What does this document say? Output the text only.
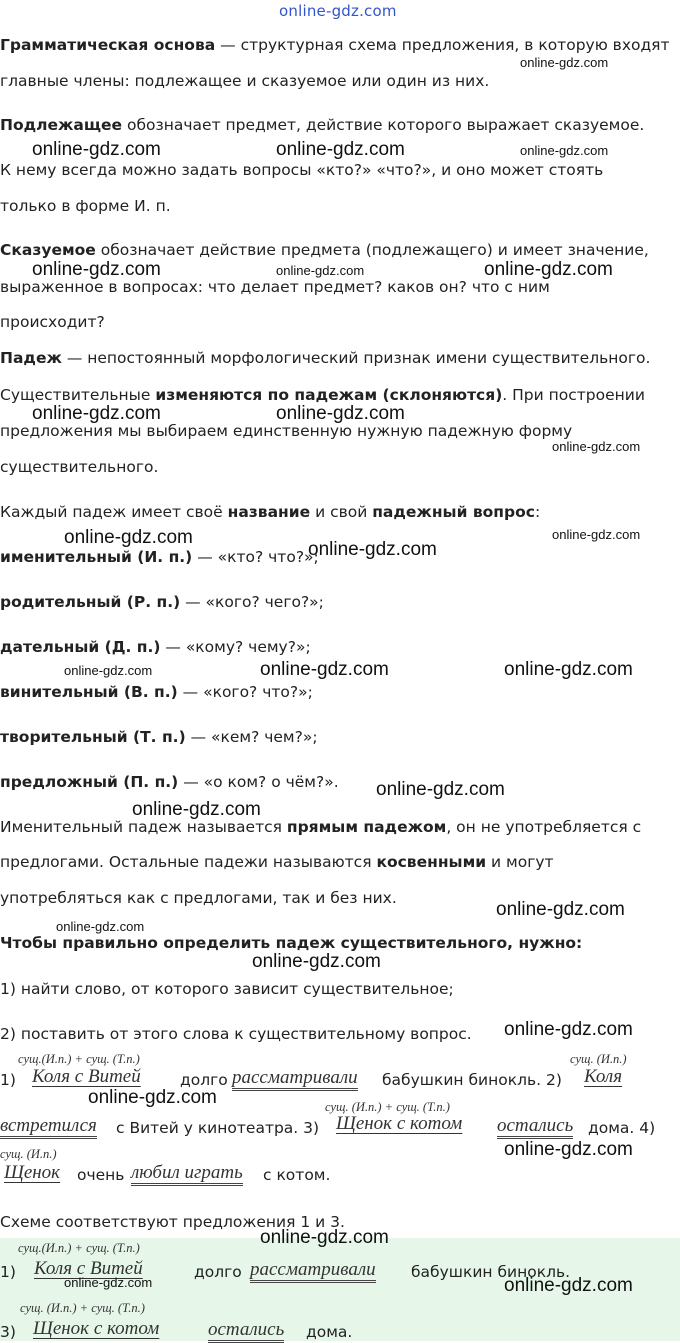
online-gdz.com
Грамматическая основа — структурная схема предложения, в которую входят
главные члены: подлежащее и сказуемое или один из них.
Подлежащее обозначает предмет, действие которого выражает сказуемое.
К нему всегда можно задать вопросы «кто?» «что?», и оно может стоять
только в форме И. п.
Сказуемое обозначает действие предмета (подлежащего) и имеет значение,
выраженное в вопросах: что делает предмет? каков он? что с ним
происходит?
Падеж — непостоянный морфологический признак имени существительного.
Существительные изменяются по падежам (склоняются). При построении
предложения мы выбираем единственную нужную падежную форму
существительного.
Каждый падеж имеет своё название и свой падежный вопрос:
именительный (И. п.) — «кто? что?»;
родительный (Р. п.) — «кого? чего?»;
дательный (Д. п.) — «кому? чему?»;
винительный (В. п.) — «кого? что?»;
творительный (Т. п.) — «кем? чем?»;
предложный (П. п.) — «о ком? о чём?».
Именительный падеж называется прямым падежом, он не употребляется с
предлогами. Остальные падежи называются косвенными и могут
употребляться как с предлогами, так и без них.
Чтобы правильно определить падеж существительного, нужно:
1) найти слово, от которого зависит существительное;
2) поставить от этого слова к существительному вопрос.
сущ.(И.п.) + сущ. (Т.п.)	сущ. (И.п.)
1) Коля с Витей	долго рассматривали бабушкин бинокль. 2) Коля
сущ. (И.п.) + сущ. (Т.п.)
встретился с Витей у кинотеатра. 3) Щенок с котом остались дома. 4)
сущ. (И.п.)
Щенок очень любил играть с котом.
Схеме соответствуют предложения 1 и 3.
сущ.(И.п.) + сущ. (Т.п.)
1) Коля с Витей	долго рассматривали бабушкин бинокль.
сущ. (И.п.) + сущ. (Т.п.)
3) Щенок с котом	остались дома.
online-gdz.com
online-gdz.com	online-gdz.com	online-gdz.com
online-gdz.com	online-gdz.com	online-gdz.com
online-gdz.com	online-gdz.com
online-gdz.com
online-gdz.com	online-gdz.com
online-gdz.com
online-gdz.com	online-gdz.com	online-gdz.com
online-gdz.com
online-gdz.com
online-gdz.com
online-gdz.com
online-gdz.com
online-gdz.com
online-gdz.com
online-gdz.com
online-gdz.com
online-gdz.com	online-gdz.com
